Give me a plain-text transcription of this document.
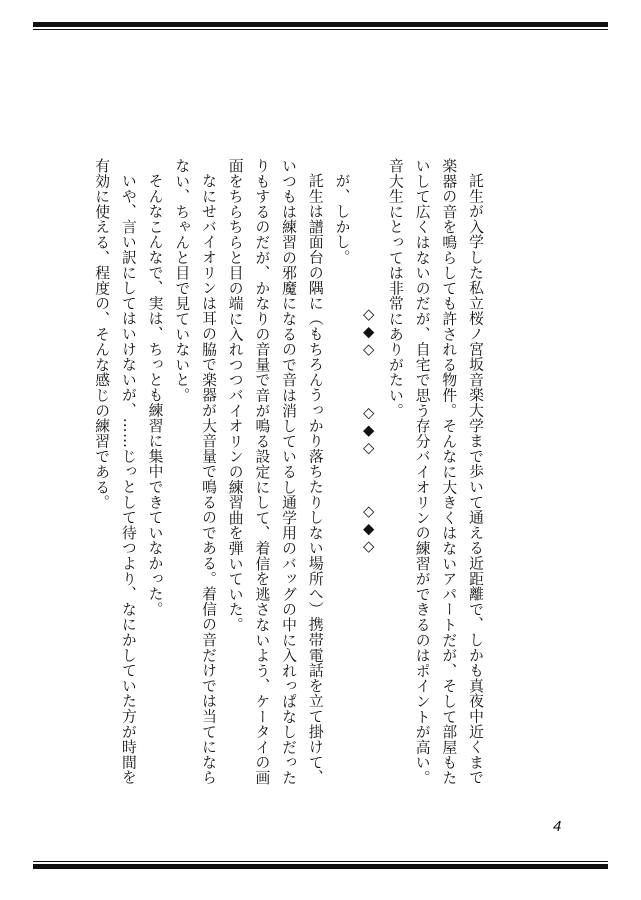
託生が入学した私立桜ノ宮坂音楽大学まで歩いて通える近距離で、しかも真夜中近くまで楽器の音を鳴らしても許される物件。そんなに大きくはないアパートだが、そして部屋もたいして広くはないのだが、自宅で思う存分バイオリンの練習ができるのはポイントが高い。音大生にとっては非常にありがたい。

◇◆◇　　　◇◆◇　　　◇◆◇

が、しかし。

託生は譜面台の隅に（もちろんうっかり落ちたりしない場所へ）携帯電話を立て掛けて、いつもは練習の邪魔になるので音は消しているし通学用のバッグの中に入れっぱなしだったりもするのだが、かなりの音量で音が鳴る設定にして、着信を逃さないよう、ケータイの画面をちらちらと目の端に入れつつバイオリンの練習曲を弾いていた。

なにせバイオリンは耳の脇で楽器が大音量で鳴るのである。着信の音だけでは当てにならない、ちゃんと目で見ていないと。

そんなこんなで、実は、ちっとも練習に集中できていなかった。

いや、言い訳にしてはいけないが、……じっとして待つより、なにかしていた方が時間を有効に使える、程度の、そんな感じの練習である。

4
